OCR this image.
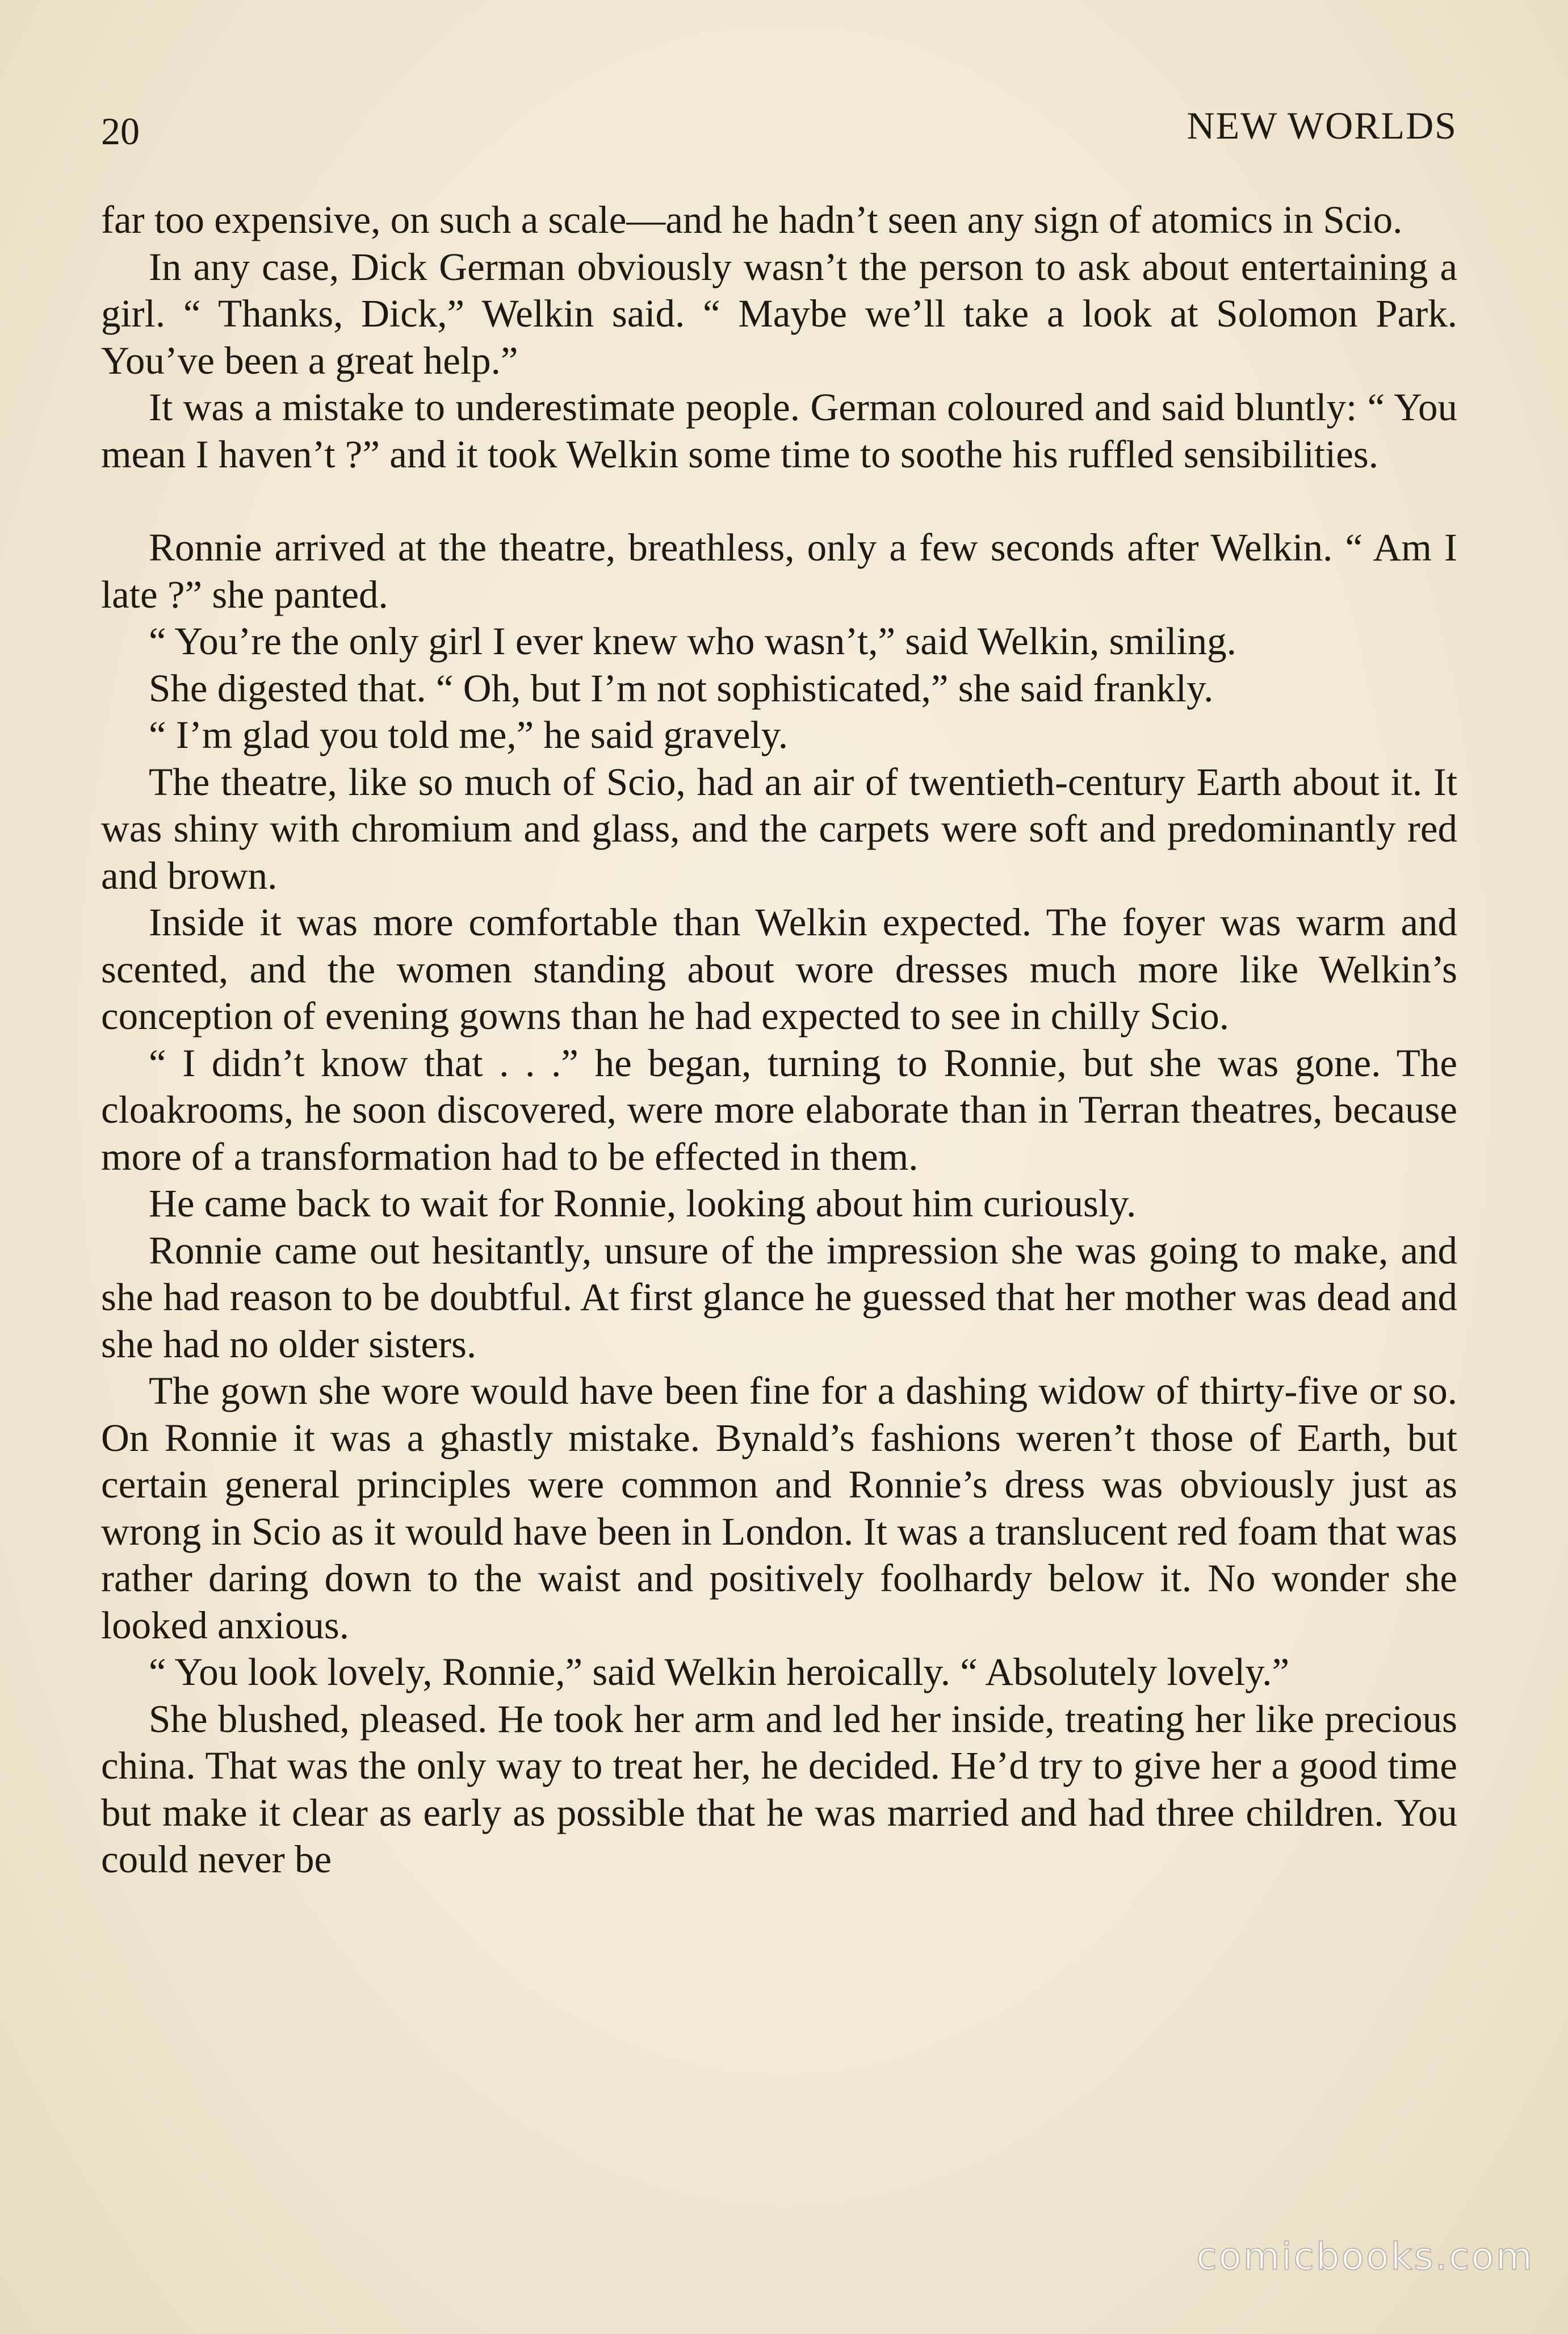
20	NEW WORLDS

far too expensive, on such a scale—and he hadn’t seen any sign of atomics in Scio.

In any case, Dick German obviously wasn’t the person to ask about entertaining a girl. “ Thanks, Dick,” Welkin said. “ Maybe we’ll take a look at Solomon Park. You’ve been a great help.”

It was a mistake to underestimate people. German coloured and said bluntly: “ You mean I haven’t ?” and it took Welkin some time to soothe his ruffled sensibilities.

Ronnie arrived at the theatre, breathless, only a few seconds after Welkin. “ Am I late ?” she panted.

“ You’re the only girl I ever knew who wasn’t,” said Welkin, smiling.

She digested that. “ Oh, but I’m not sophisticated,” she said frankly.

“ I’m glad you told me,” he said gravely.

The theatre, like so much of Scio, had an air of twentieth-century Earth about it. It was shiny with chromium and glass, and the carpets were soft and predominantly red and brown.

Inside it was more comfortable than Welkin expected. The foyer was warm and scented, and the women standing about wore dresses much more like Welkin’s conception of evening gowns than he had expected to see in chilly Scio.

“ I didn’t know that . . .” he began, turning to Ronnie, but she was gone. The cloakrooms, he soon discovered, were more elaborate than in Terran theatres, because more of a transformation had to be effected in them.

He came back to wait for Ronnie, looking about him curiously.

Ronnie came out hesitantly, unsure of the impression she was going to make, and she had reason to be doubtful. At first glance he guessed that her mother was dead and she had no older sisters.

The gown she wore would have been fine for a dashing widow of thirty-five or so. On Ronnie it was a ghastly mistake. Bynald’s fashions weren’t those of Earth, but certain general principles were common and Ronnie’s dress was obviously just as wrong in Scio as it would have been in London. It was a translucent red foam that was rather daring down to the waist and positively foolhardy below it. No wonder she looked anxious.

“ You look lovely, Ronnie,” said Welkin heroically. “ Absolutely lovely.”

She blushed, pleased. He took her arm and led her inside, treating her like precious china. That was the only way to treat her, he decided. He’d try to give her a good time but make it clear as early as possible that he was married and had three children. You could never be

comicbooks.com
